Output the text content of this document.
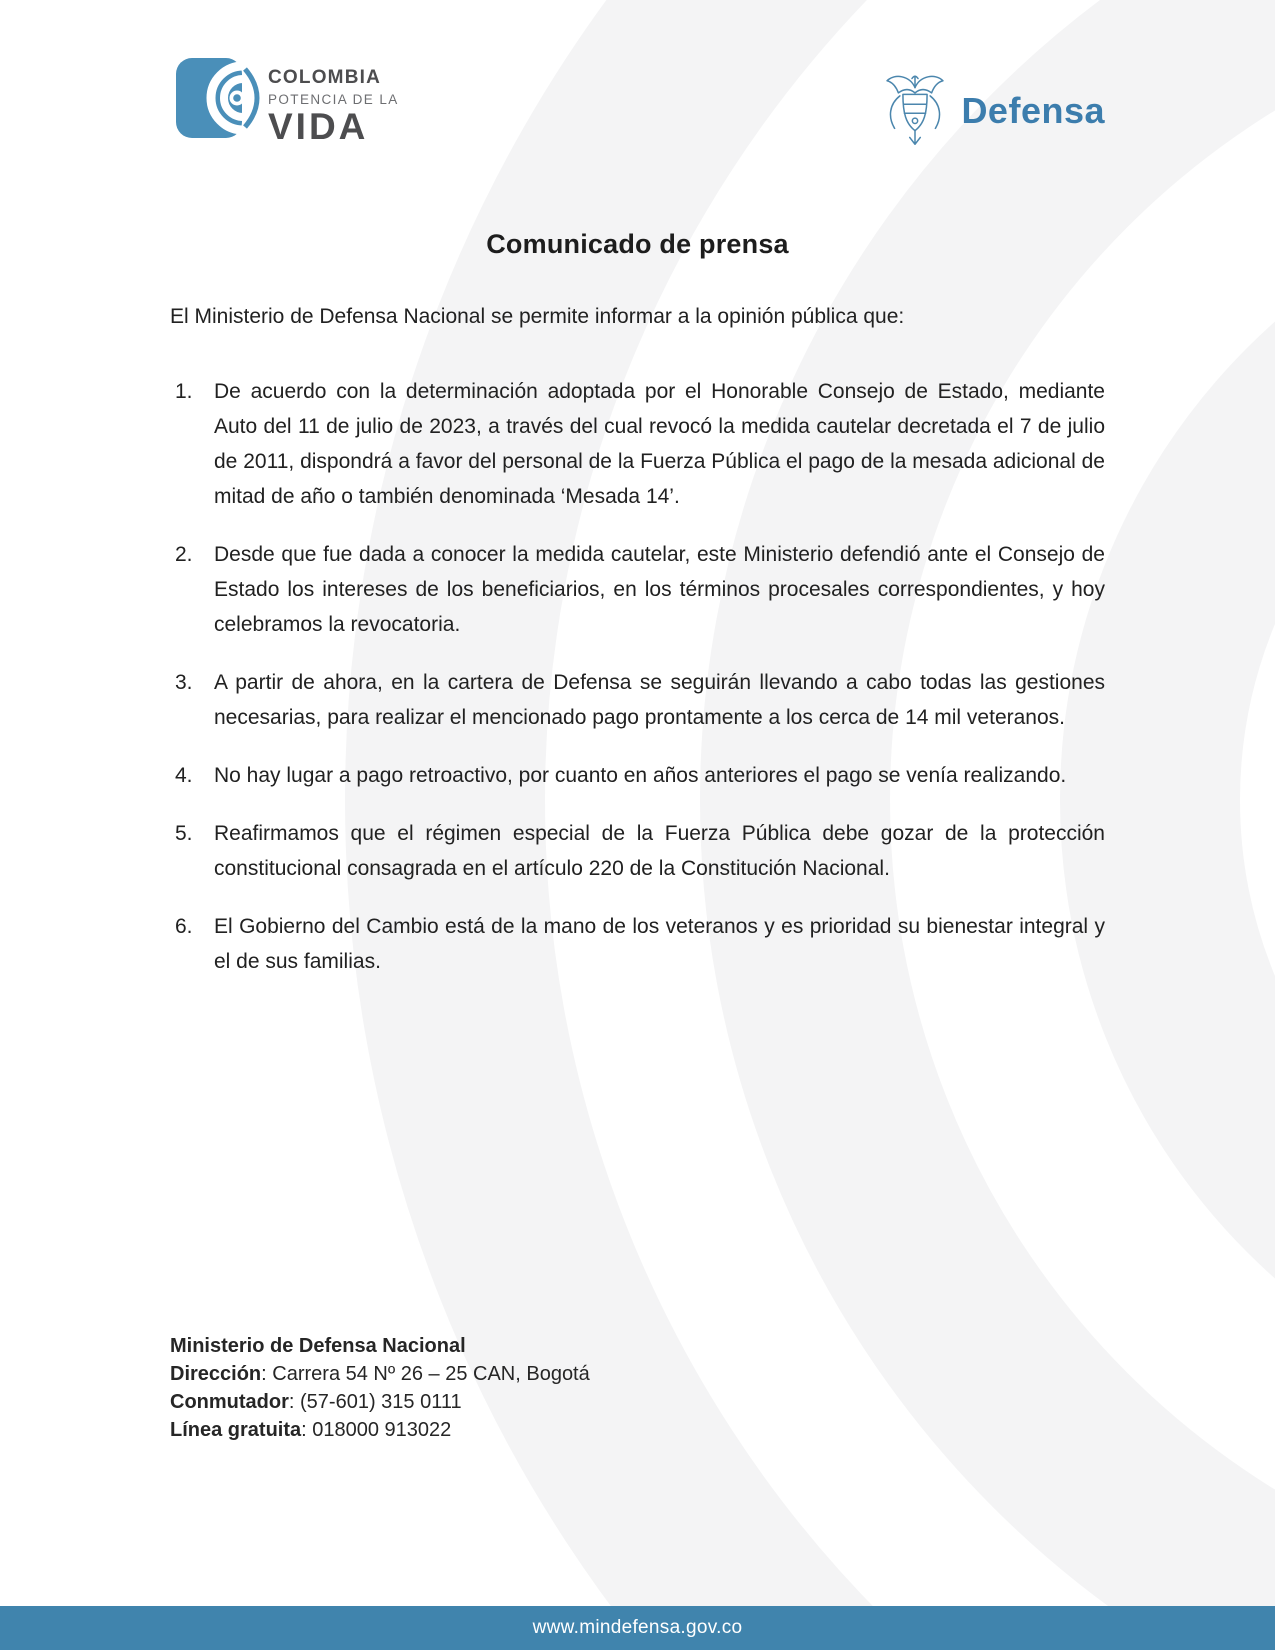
COLOMBIA
POTENCIA DE LA
VIDA	Defensa
Comunicado de prensa
El Ministerio de Defensa Nacional se permite informar a la opinión pública que:
1. De acuerdo con la determinación adoptada por el Honorable Consejo de Estado, mediante Auto del 11 de julio de 2023, a través del cual revocó la medida cautelar decretada el 7 de julio de 2011, dispondrá a favor del personal de la Fuerza Pública el pago de la mesada adicional de mitad de año o también denominada ‘Mesada 14’.
2. Desde que fue dada a conocer la medida cautelar, este Ministerio defendió ante el Consejo de Estado los intereses de los beneficiarios, en los términos procesales correspondientes, y hoy celebramos la revocatoria.
3. A partir de ahora, en la cartera de Defensa se seguirán llevando a cabo todas las gestiones necesarias, para realizar el mencionado pago prontamente a los cerca de 14 mil veteranos.
4. No hay lugar a pago retroactivo, por cuanto en años anteriores el pago se venía realizando.
5. Reafirmamos que el régimen especial de la Fuerza Pública debe gozar de la protección constitucional consagrada en el artículo 220 de la Constitución Nacional.
6. El Gobierno del Cambio está de la mano de los veteranos y es prioridad su bienestar integral y el de sus familias.
Ministerio de Defensa Nacional
Dirección: Carrera 54 Nº 26 – 25 CAN, Bogotá
Conmutador: (57-601) 315 0111
Línea gratuita: 018000 913022
www.mindefensa.gov.co
